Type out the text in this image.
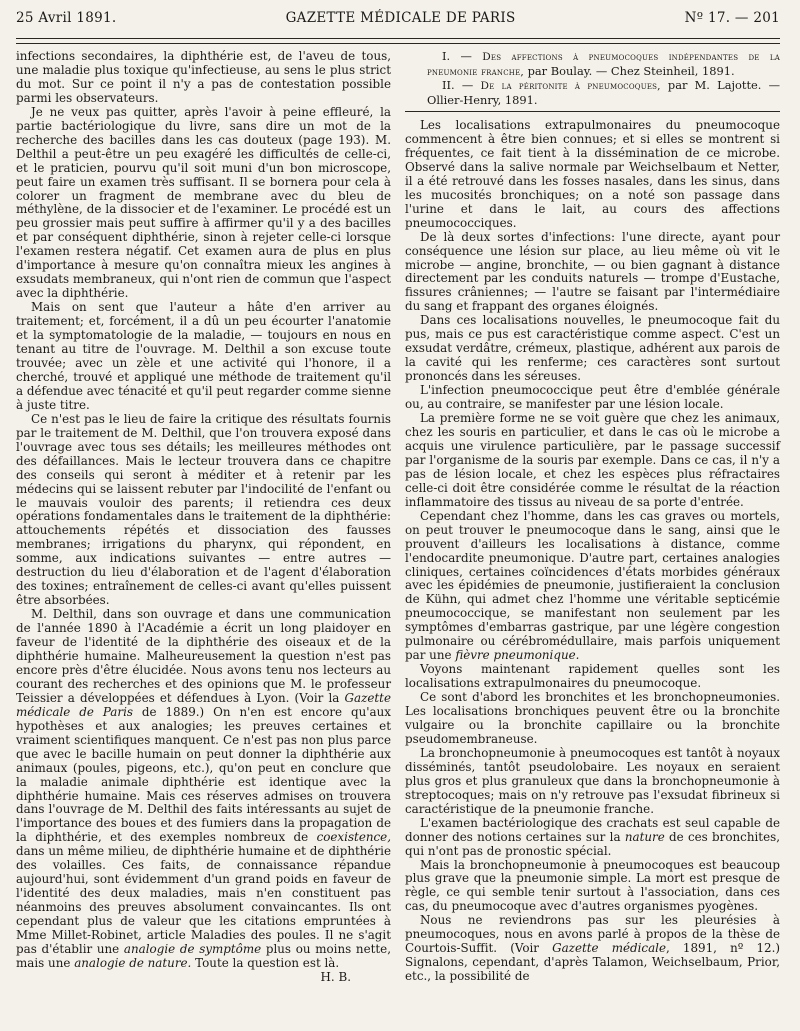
25 Avril 1891.	GAZETTE MÉDICALE DE PARIS	Nº 17. — 201

infections secondaires, la diphthérie est, de l'aveu de tous, une maladie plus toxique qu'infectieuse, au sens le plus strict du mot. Sur ce point il n'y a pas de contestation possible parmi les observateurs.

Je ne veux pas quitter, après l'avoir à peine effleuré, la partie bactériologique du livre, sans dire un mot de la recherche des bacilles dans les cas douteux (page 193). M. Delthil a peut-être un peu exagéré les difficultés de celle-ci, et le praticien, pourvu qu'il soit muni d'un bon microscope, peut faire un examen très suffisant. Il se bornera pour cela à colorer un fragment de membrane avec du bleu de méthylène, de la dissocier et de l'examiner. Le procédé est un peu grossier mais peut suffire à affirmer qu'il y a des bacilles et par conséquent diphthérie, sinon à rejeter celle-ci lorsque l'examen restera négatif. Cet examen aura de plus en plus d'importance à mesure qu'on connaîtra mieux les angines à exsudats membraneux, qui n'ont rien de commun que l'aspect avec la diphthérie.

Mais on sent que l'auteur a hâte d'en arriver au traitement; et, forcément, il a dû un peu écourter l'anatomie et la symptomatologie de la maladie, — toujours en nous en tenant au titre de l'ouvrage. M. Delthil a son excuse toute trouvée; avec un zèle et une activité qui l'honore, il a cherché, trouvé et appliqué une méthode de traitement qu'il a défendue avec ténacité et qu'il peut regarder comme sienne à juste titre.

Ce n'est pas le lieu de faire la critique des résultats fournis par le traitement de M. Delthil, que l'on trouvera exposé dans l'ouvrage avec tous ses détails; les meilleures méthodes ont des défaillances. Mais le lecteur trouvera dans ce chapitre des conseils qui seront à méditer et à retenir par les médecins qui se laissent rebuter par l'indocilité de l'enfant ou le mauvais vouloir des parents; il retiendra ces deux opérations fondamentales dans le traitement de la diphthérie: attouchements répétés et dissociation des fausses membranes; irrigations du pharynx, qui répondent, en somme, aux indications suivantes — entre autres — destruction du lieu d'élaboration et de l'agent d'élaboration des toxines; entraînement de celles-ci avant qu'elles puissent être absorbées.

M. Delthil, dans son ouvrage et dans une communication de l'année 1890 à l'Académie a écrit un long plaidoyer en faveur de l'identité de la diphthérie des oiseaux et de la diphthérie humaine. Malheureusement la question n'est pas encore près d'être élucidée. Nous avons tenu nos lecteurs au courant des recherches et des opinions que M. le professeur Teissier a développées et défendues à Lyon. (Voir la Gazette médicale de Paris de 1889.) On n'en est encore qu'aux hypothèses et aux analogies; les preuves certaines et vraiment scientifiques manquent. Ce n'est pas non plus parce que avec le bacille humain on peut donner la diphthérie aux animaux (poules, pigeons, etc.), qu'on peut en conclure que la maladie animale diphthérie est identique avec la diphthérie humaine. Mais ces réserves admises on trouvera dans l'ouvrage de M. Delthil des faits intéressants au sujet de l'importance des boues et des fumiers dans la propagation de la diphthérie, et des exemples nombreux de coexistence, dans un même milieu, de diphthérie humaine et de diphthérie des volailles. Ces faits, de connaissance répandue aujourd'hui, sont évidemment d'un grand poids en faveur de l'identité des deux maladies, mais n'en constituent pas néanmoins des preuves absolument convaincantes. Ils ont cependant plus de valeur que les citations empruntées à Mme Millet-Robinet, article Maladies des poules. Il ne s'agit pas d'établir une analogie de symptôme plus ou moins nette, mais une analogie de nature. Toute la question est là.

H. B.

I. — Des affections à pneumocoques indépendantes de la pneumonie franche, par Boulay. — Chez Steinheil, 1891.

II. — De la péritonite à pneumocoques, par M. Lajotte. — Ollier-Henry, 1891.

Les localisations extrapulmonaires du pneumocoque commencent à être bien connues; et si elles se montrent si fréquentes, ce fait tient à la dissémination de ce microbe. Observé dans la salive normale par Weichselbaum et Netter, il a été retrouvé dans les fosses nasales, dans les sinus, dans les mucosités bronchiques; on a noté son passage dans l'urine et dans le lait, au cours des affections pneumococciques.

De là deux sortes d'infections: l'une directe, ayant pour conséquence une lésion sur place, au lieu même où vit le microbe — angine, bronchite, — ou bien gagnant à distance directement par les conduits naturels — trompe d'Eustache, fissures crâniennes; — l'autre se faisant par l'intermédiaire du sang et frappant des organes éloignés.

Dans ces localisations nouvelles, le pneumocoque fait du pus, mais ce pus est caractéristique comme aspect. C'est un exsudat verdâtre, crémeux, plastique, adhérent aux parois de la cavité qui les renferme; ces caractères sont surtout prononcés dans les séreuses.

L'infection pneumococcique peut être d'emblée générale ou, au contraire, se manifester par une lésion locale.

La première forme ne se voit guère que chez les animaux, chez les souris en particulier, et dans le cas où le microbe a acquis une virulence particulière, par le passage successif par l'organisme de la souris par exemple. Dans ce cas, il n'y a pas de lésion locale, et chez les espèces plus réfractaires celle-ci doit être considérée comme le résultat de la réaction inflammatoire des tissus au niveau de sa porte d'entrée.

Cependant chez l'homme, dans les cas graves ou mortels, on peut trouver le pneumocoque dans le sang, ainsi que le prouvent d'ailleurs les localisations à distance, comme l'endocardite pneumonique. D'autre part, certaines analogies cliniques, certaines coïncidences d'états morbides généraux avec les épidémies de pneumonie, justifieraient la conclusion de Kühn, qui admet chez l'homme une véritable septicémie pneumococcique, se manifestant non seulement par les symptômes d'embarras gastrique, par une légère congestion pulmonaire ou cérébromédullaire, mais parfois uniquement par une fièvre pneumonique.

Voyons maintenant rapidement quelles sont les localisations extrapulmonaires du pneumocoque.

Ce sont d'abord les bronchites et les bronchopneumonies. Les localisations bronchiques peuvent être ou la bronchite vulgaire ou la bronchite capillaire ou la bronchite pseudomembraneuse.

La bronchopneumonie à pneumocoques est tantôt à noyaux disséminés, tantôt pseudolobaire. Les noyaux en seraient plus gros et plus granuleux que dans la bronchopneumonie à streptocoques; mais on n'y retrouve pas l'exsudat fibrineux si caractéristique de la pneumonie franche.

L'examen bactériologique des crachats est seul capable de donner des notions certaines sur la nature de ces bronchites, qui n'ont pas de pronostic spécial.

Mais la bronchopneumonie à pneumocoques est beaucoup plus grave que la pneumonie simple. La mort est presque de règle, ce qui semble tenir surtout à l'association, dans ces cas, du pneumocoque avec d'autres organismes pyogènes.

Nous ne reviendrons pas sur les pleurésies à pneumocoques, nous en avons parlé à propos de la thèse de Courtois-Suffit. (Voir Gazette médicale, 1891, nº 12.) Signalons, cependant, d'après Talamon, Weichselbaum, Prior, etc., la possibilité de
